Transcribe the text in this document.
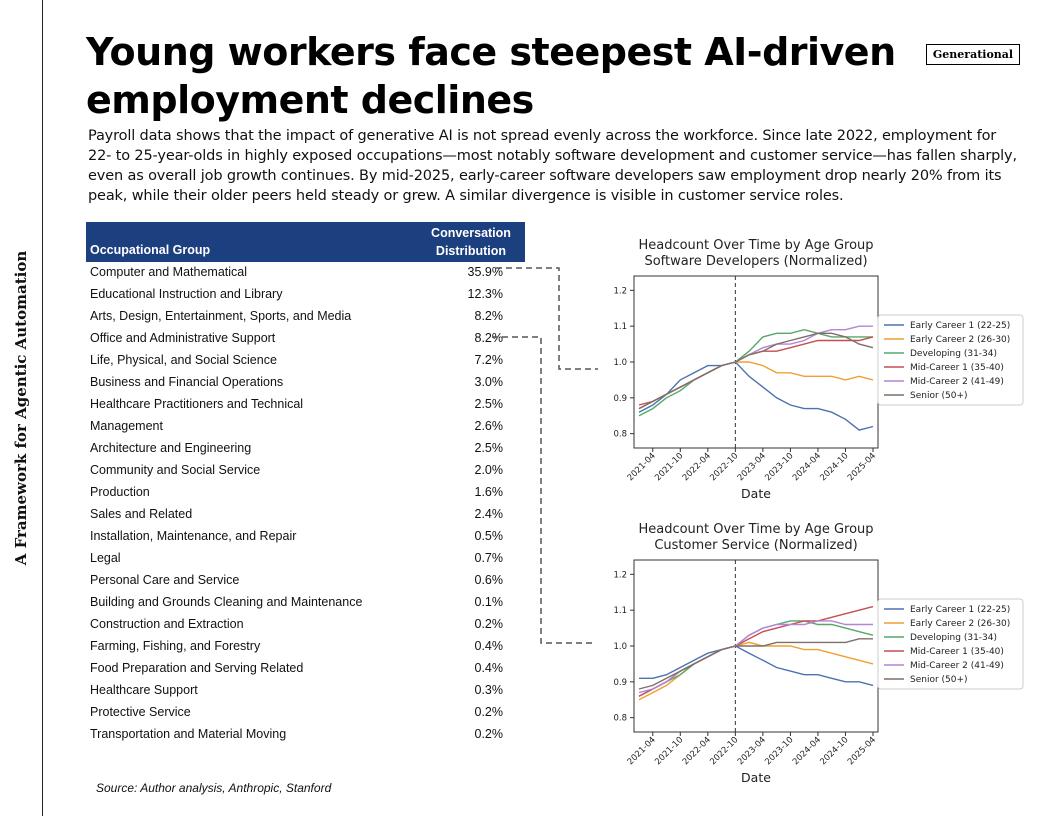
A Framework for Agentic Automation
Young workers face steepest AI-driven employment declines
Generational

Payroll data shows that the impact of generative AI is not spread evenly across the workforce. Since late 2022, employment for 22- to 25-year-olds in highly exposed occupations—most notably software development and customer service—has fallen sharply, even as overall job growth continues. By mid-2025, early-career software developers saw employment drop nearly 20% from its peak, while their older peers held steady or grew. A similar divergence is visible in customer service roles.

Occupational Group
Conversation Distribution
Computer and Mathematical	35.9%
Educational Instruction and Library	12.3%
Arts, Design, Entertainment, Sports, and Media	8.2%
Office and Administrative Support	8.2%
Life, Physical, and Social Science	7.2%
Business and Financial Operations	3.0%
Healthcare Practitioners and Technical	2.5%
Management	2.6%
Architecture and Engineering	2.5%
Community and Social Service	2.0%
Production	1.6%
Sales and Related	2.4%
Installation, Maintenance, and Repair	0.5%
Legal	0.7%
Personal Care and Service	0.6%
Building and Grounds Cleaning and Maintenance	0.1%
Construction and Extraction	0.2%
Farming, Fishing, and Forestry	0.4%
Food Preparation and Serving Related	0.4%
Healthcare Support	0.3%
Protective Service	0.2%
Transportation and Material Moving	0.2%
Source: Author analysis, Anthropic, Stanford
Headcount Over Time by Age Group
Software Developers (Normalized)
0.8
0.9
1.0
1.1
1.2
2021-04
2021-10
2022-04
2022-10
2023-04
2023-10
2024-04
2024-10
2025-04
Date
Early Career 1 (22-25)
Early Career 2 (26-30)
Developing (31-34)
Mid-Career 1 (35-40)
Mid-Career 2 (41-49)
Senior (50+)
Headcount Over Time by Age Group
Customer Service (Normalized)
0.8
0.9
1.0
1.1
1.2
2021-04
2021-10
2022-04
2022-10
2023-04
2023-10
2024-04
2024-10
2025-04
Date
Early Career 1 (22-25)
Early Career 2 (26-30)
Developing (31-34)
Mid-Career 1 (35-40)
Mid-Career 2 (41-49)
Senior (50+)
